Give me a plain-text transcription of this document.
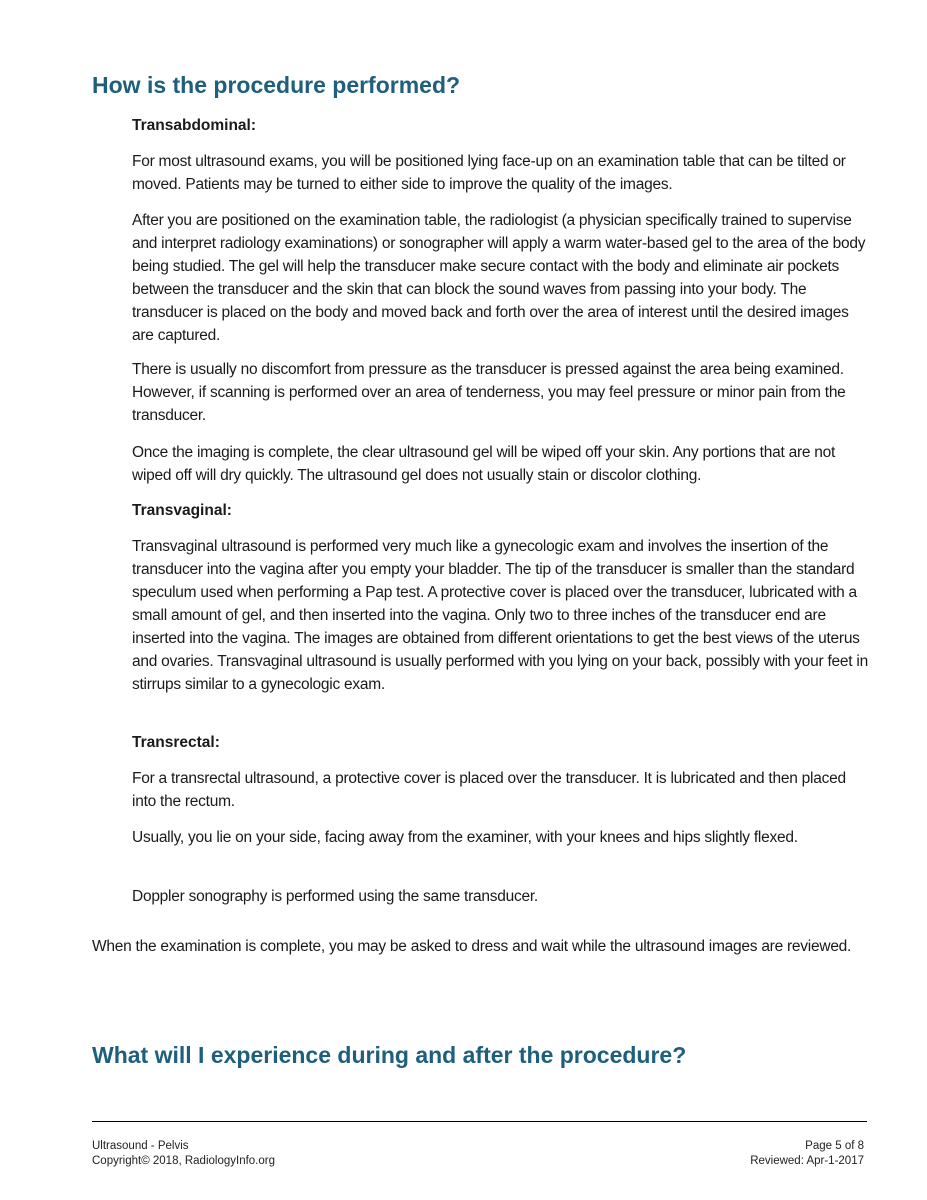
How is the procedure performed?

Transabdominal:

For most ultrasound exams, you will be positioned lying face-up on an examination table that can be tilted or moved. Patients may be turned to either side to improve the quality of the images.

After you are positioned on the examination table, the radiologist (a physician specifically trained to supervise and interpret radiology examinations) or sonographer will apply a warm water-based gel to the area of the body being studied. The gel will help the transducer make secure contact with the body and eliminate air pockets between the transducer and the skin that can block the sound waves from passing into your body. The transducer is placed on the body and moved back and forth over the area of interest until the desired images are captured.

There is usually no discomfort from pressure as the transducer is pressed against the area being examined. However, if scanning is performed over an area of tenderness, you may feel pressure or minor pain from the transducer.

Once the imaging is complete, the clear ultrasound gel will be wiped off your skin. Any portions that are not wiped off will dry quickly. The ultrasound gel does not usually stain or discolor clothing.

Transvaginal:

Transvaginal ultrasound is performed very much like a gynecologic exam and involves the insertion of the transducer into the vagina after you empty your bladder. The tip of the transducer is smaller than the standard speculum used when performing a Pap test. A protective cover is placed over the transducer, lubricated with a small amount of gel, and then inserted into the vagina. Only two to three inches of the transducer end are inserted into the vagina. The images are obtained from different orientations to get the best views of the uterus and ovaries. Transvaginal ultrasound is usually performed with you lying on your back, possibly with your feet in stirrups similar to a gynecologic exam.

Transrectal:

For a transrectal ultrasound, a protective cover is placed over the transducer. It is lubricated and then placed into the rectum.

Usually, you lie on your side, facing away from the examiner, with your knees and hips slightly flexed.

Doppler sonography is performed using the same transducer.

When the examination is complete, you may be asked to dress and wait while the ultrasound images are reviewed.

What will I experience during and after the procedure?
Ultrasound - Pelvis
Copyright© 2018, RadiologyInfo.org
Page 5 of 8
Reviewed: Apr-1-2017
